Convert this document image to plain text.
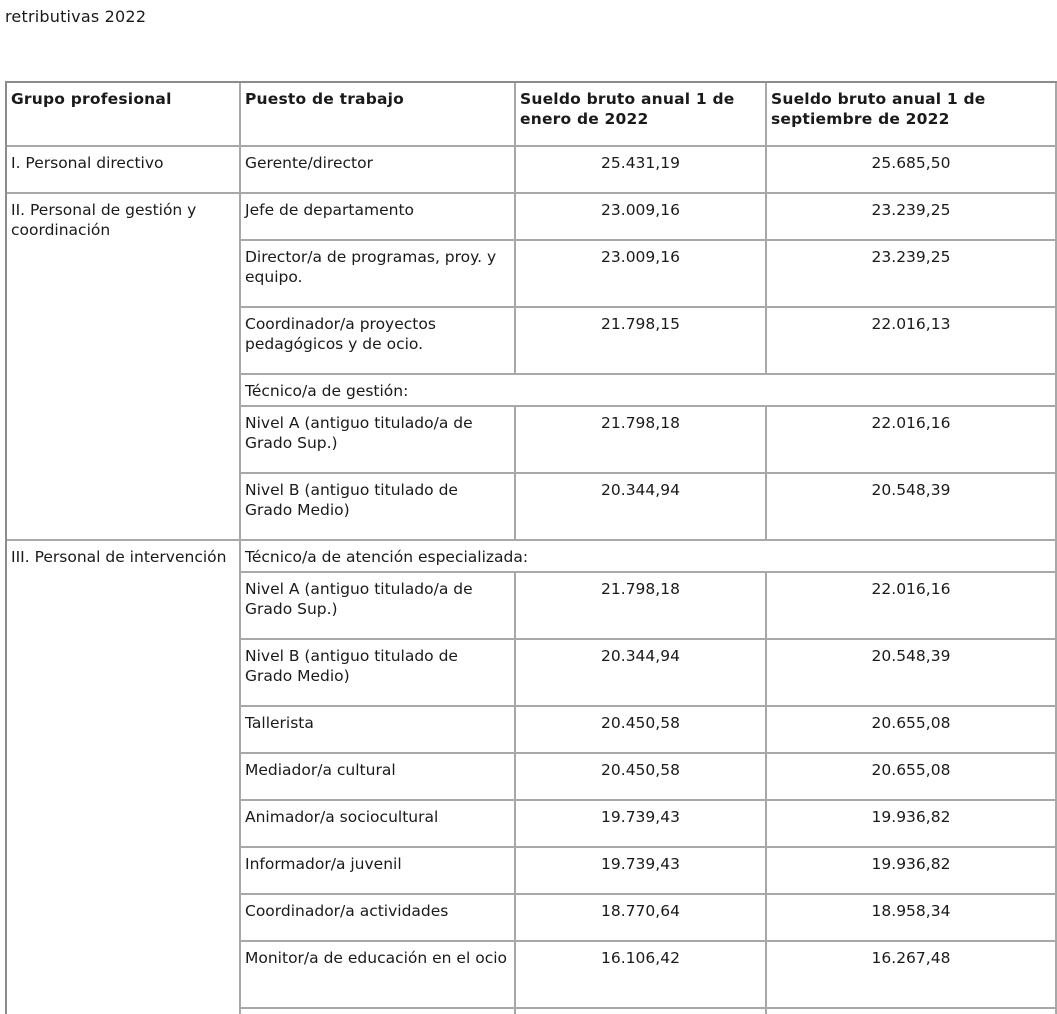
retributivas 2022
Grupo profesional	Puesto de trabajo	Sueldo bruto anual 1 de enero de 2022	Sueldo bruto anual 1 de septiembre de 2022	
I. Personal directivo	Gerente/director	25.431,19	25.685,50	
II. Personal de gestión y coordinación	Jefe de departamento	23.009,16	23.239,25	
	Director/a de programas, proy. y equipo.	23.009,16	23.239,25	
	Coordinador/a proyectos pedagógicos y de ocio.	21.798,15	22.016,13	
	Técnico/a de gestión:			
	Nivel A (antiguo titulado/a de Grado Sup.)	21.798,18	22.016,16	
	Nivel B (antiguo titulado de Grado Medio)	20.344,94	20.548,39	
III. Personal de intervención	Técnico/a de atención especializada:			
	Nivel A (antiguo titulado/a de Grado Sup.)	21.798,18	22.016,16	
	Nivel B (antiguo titulado de Grado Medio)	20.344,94	20.548,39	
	Tallerista	20.450,58	20.655,08	
	Mediador/a cultural	20.450,58	20.655,08	
	Animador/a sociocultural	19.739,43	19.936,82	
	Informador/a juvenil	19.739,43	19.936,82	
	Coordinador/a actividades	18.770,64	18.958,34	
	Monitor/a de educación en el ocio	16.106,42	16.267,48	
